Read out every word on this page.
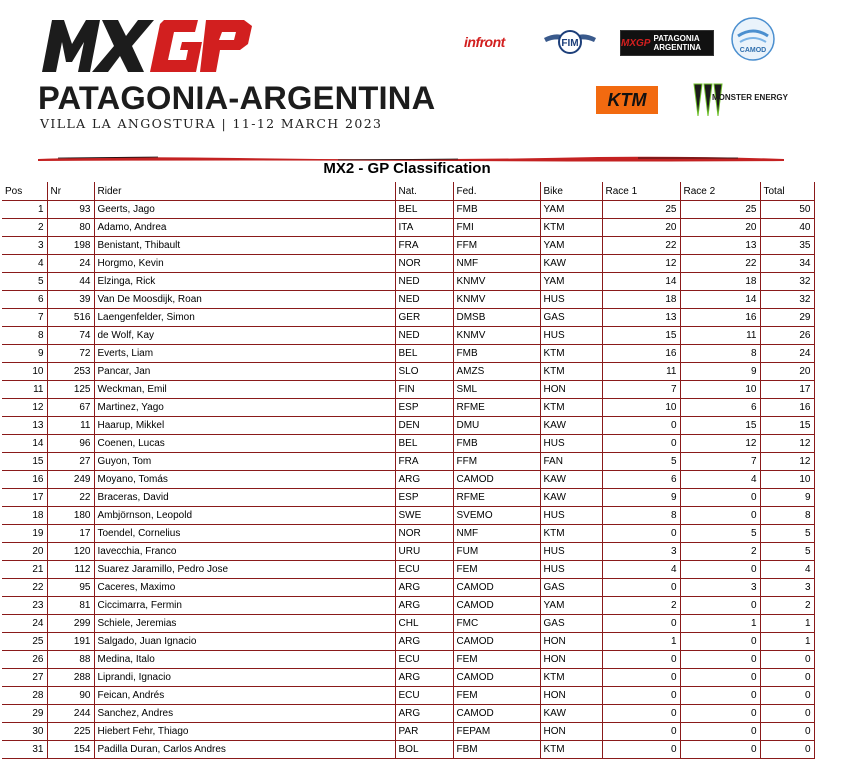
PATAGONIA-ARGENTINA
VILLA LA ANGOSTURA | 11-12 MARCH 2023
infront	FIM	MXGP PATAGONIA ARGENTINA	CAMOD
KTM	MONSTER ENERGY
MX2 - GP Classification
Pos	Nr	Rider	Nat.	Fed.	Bike	Race 1	Race 2	Total
1	93	Geerts, Jago	BEL	FMB	YAM	25	25	50
2	80	Adamo, Andrea	ITA	FMI	KTM	20	20	40
3	198	Benistant, Thibault	FRA	FFM	YAM	22	13	35
4	24	Horgmo, Kevin	NOR	NMF	KAW	12	22	34
5	44	Elzinga, Rick	NED	KNMV	YAM	14	18	32
6	39	Van De Moosdijk, Roan	NED	KNMV	HUS	18	14	32
7	516	Laengenfelder, Simon	GER	DMSB	GAS	13	16	29
8	74	de Wolf, Kay	NED	KNMV	HUS	15	11	26
9	72	Everts, Liam	BEL	FMB	KTM	16	8	24
10	253	Pancar, Jan	SLO	AMZS	KTM	11	9	20
11	125	Weckman, Emil	FIN	SML	HON	7	10	17
12	67	Martinez, Yago	ESP	RFME	KTM	10	6	16
13	11	Haarup, Mikkel	DEN	DMU	KAW	0	15	15
14	96	Coenen, Lucas	BEL	FMB	HUS	0	12	12
15	27	Guyon, Tom	FRA	FFM	FAN	5	7	12
16	249	Moyano, Tomás	ARG	CAMOD	KAW	6	4	10
17	22	Braceras, David	ESP	RFME	KAW	9	0	9
18	180	Ambjörnson, Leopold	SWE	SVEMO	HUS	8	0	8
19	17	Toendel, Cornelius	NOR	NMF	KTM	0	5	5
20	120	Iavecchia, Franco	URU	FUM	HUS	3	2	5
21	112	Suarez Jaramillo, Pedro Jose	ECU	FEM	HUS	4	0	4
22	95	Caceres, Maximo	ARG	CAMOD	GAS	0	3	3
23	81	Ciccimarra, Fermin	ARG	CAMOD	YAM	2	0	2
24	299	Schiele, Jeremias	CHL	FMC	GAS	0	1	1
25	191	Salgado, Juan Ignacio	ARG	CAMOD	HON	1	0	1
26	88	Medina, Italo	ECU	FEM	HON	0	0	0
27	288	Liprandi, Ignacio	ARG	CAMOD	KTM	0	0	0
28	90	Feican, Andrés	ECU	FEM	HON	0	0	0
29	244	Sanchez, Andres	ARG	CAMOD	KAW	0	0	0
30	225	Hiebert Fehr, Thiago	PAR	FEPAM	HON	0	0	0
31	154	Padilla Duran, Carlos Andres	BOL	FBM	KTM	0	0	0
